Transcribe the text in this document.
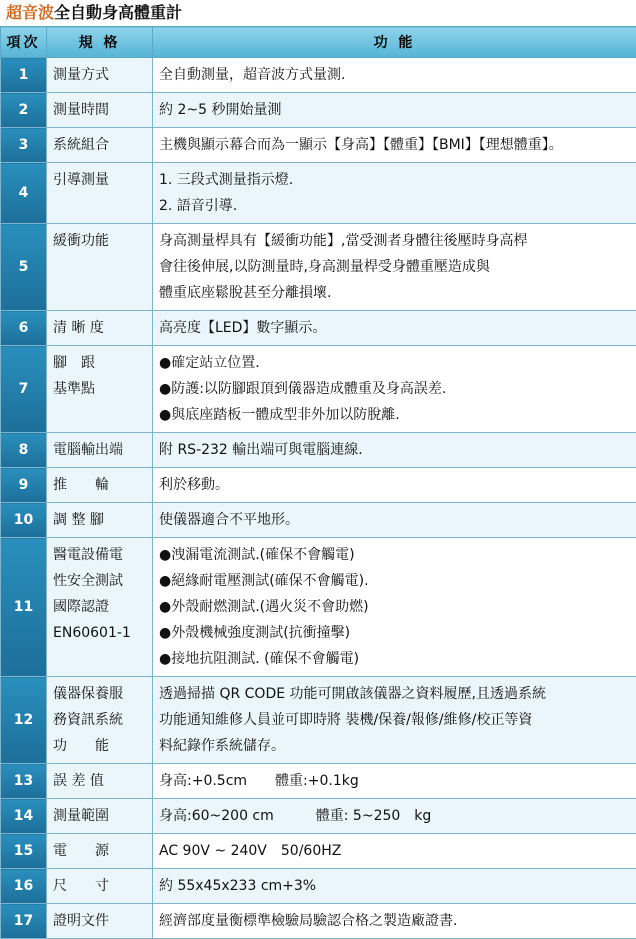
超音波全自動身高體重計
項次	規 格	功 能
1	測量方式	全自動測量，超音波方式量測.

2	測量時間	約 2~5 秒開始量測

3	系統組合	主機與顯示幕合而為一顯示【身高】【體重】【BMI】【理想體重】。

4	引導測量	1. 三段式測量指示燈.
2. 語音引導.

5	緩衝功能	身高測量桿具有【緩衝功能】,當受測者身體往後壓時身高桿
會往後伸展,以防測量時,身高測量桿受身體重壓造成與
體重底座鬆脫甚至分離損壞.

6	清 晰 度	高亮度【LED】數字顯示。

7	腳　跟
基準點	●確定站立位置.
●防護:以防腳跟頂到儀器造成體重及身高誤差.
●與底座踏板一體成型非外加以防脫離.

8	電腦輸出端	附 RS-232 輸出端可與電腦連線.

9	推　　輪	利於移動。

10	調 整 腳	使儀器適合不平地形。

11	醫電設備電
性安全測試
國際認證
EN60601-1	●洩漏電流測試.(確保不會觸電)
●絕緣耐電壓測試(確保不會觸電).
●外殼耐燃測試.(遇火災不會助燃)
●外殼機械強度測試(抗衝撞擊)
●接地抗阻測試. (確保不會觸電)

12	儀器保養服
務資訊系統
功　　能	透過掃描 QR CODE 功能可開啟該儀器之資料履歷,且透過系統
功能通知維修人員並可即時將 裝機/保養/報修/維修/校正等資
料紀錄作系統儲存。

13	誤 差 值	身高:+0.5cm　　體重:+0.1kg

14	測量範圍	身高:60~200 cm　　　體重: 5~250　kg

15	電　　源	AC 90V ~ 240V　50/60HZ

16	尺　　寸	約 55x45x233 cm+3%

17	證明文件	經濟部度量衡標準檢驗局驗認合格之製造廠證書.
